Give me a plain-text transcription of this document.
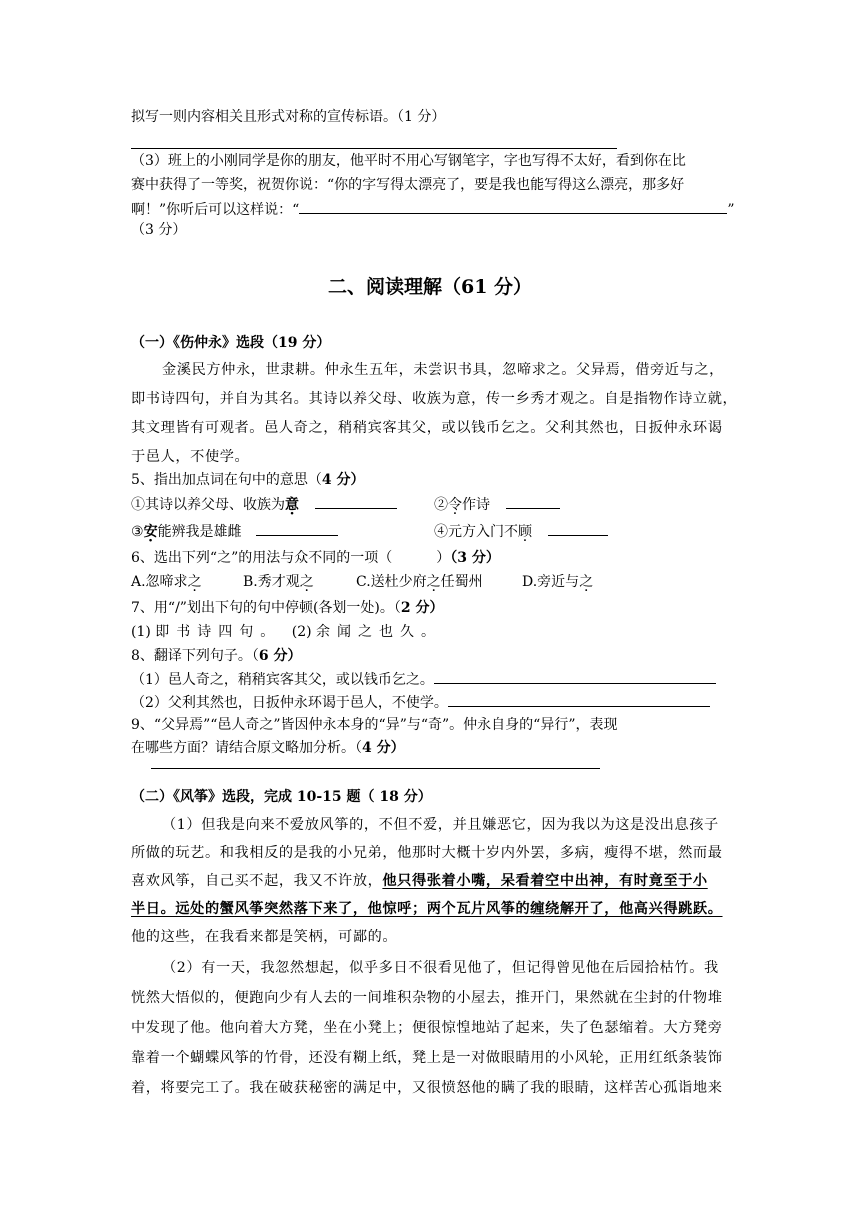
拟写一则内容相关且形式对称的宣传标语。（1 分）
（3）班上的小刚同学是你的朋友，他平时不用心写钢笔字，字也写得不太好，看到你在比
赛中获得了一等奖，祝贺你说：“你的字写得太漂亮了，要是我也能写得这么漂亮，那多好
啊！”你听后可以这样说：“	”
（3 分）
二、阅读理解（61 分）
（一）《伤仲永》选段（19 分）
金溪民方仲永，世隶耕。仲永生五年，未尝识书具，忽啼求之。父异焉，借旁近与之，
即书诗四句，并自为其名。其诗以养父母、收族为意，传一乡秀才观之。自是指物作诗立就，
其文理皆有可观者。邑人奇之，稍稍宾客其父，或以钱币乞之。父利其然也，日扳仲永环谒
于邑人，不使学。
5、指出加点词在句中的意思（4 分）
①其诗以养父母、收族为意	②令作诗
③安能辨我是雄雌	④元方入门不顾
6、选出下列“之”的用法与众不同的一项（	）（3 分）
A.忽啼求之	B.秀才观之	C.送杜少府之任蜀州	D.旁近与之
7、用“/”划出下句的句中停顿(各划一处)。（2 分）
(1) 即书诗四句。 (2) 余闻之也久。
8、翻译下列句子。（6 分）
（1）邑人奇之，稍稍宾客其父，或以钱币乞之。
（2）父利其然也，日扳仲永环谒于邑人，不使学。
9、“父异焉”“邑人奇之”皆因仲永本身的“异”与“奇”。仲永自身的“异行”，表现
在哪些方面？请结合原文略加分析。（4 分）
（二）《风筝》选段，完成 10-15 题（ 18 分）
（1）但我是向来不爱放风筝的，不但不爱，并且嫌恶它，因为我以为这是没出息孩子
所做的玩艺。和我相反的是我的小兄弟，他那时大概十岁内外罢，多病，瘦得不堪，然而最
喜欢风筝，自己买不起，我又不许放，他只得张着小嘴，呆看着空中出神，有时竟至于小
半日。远处的蟹风筝突然落下来了，他惊呼；两个瓦片风筝的缠绕解开了，他高兴得跳跃。
他的这些，在我看来都是笑柄，可鄙的。
（2）有一天，我忽然想起，似乎多日不很看见他了，但记得曾见他在后园拾枯竹。我
恍然大悟似的，便跑向少有人去的一间堆积杂物的小屋去，推开门，果然就在尘封的什物堆
中发现了他。他向着大方凳，坐在小凳上；便很惊惶地站了起来，失了色瑟缩着。大方凳旁
靠着一个蝴蝶风筝的竹骨，还没有糊上纸，凳上是一对做眼睛用的小风轮，正用红纸条装饰
着，将要完工了。我在破获秘密的满足中，又很愤怒他的瞒了我的眼睛，这样苦心孤诣地来
